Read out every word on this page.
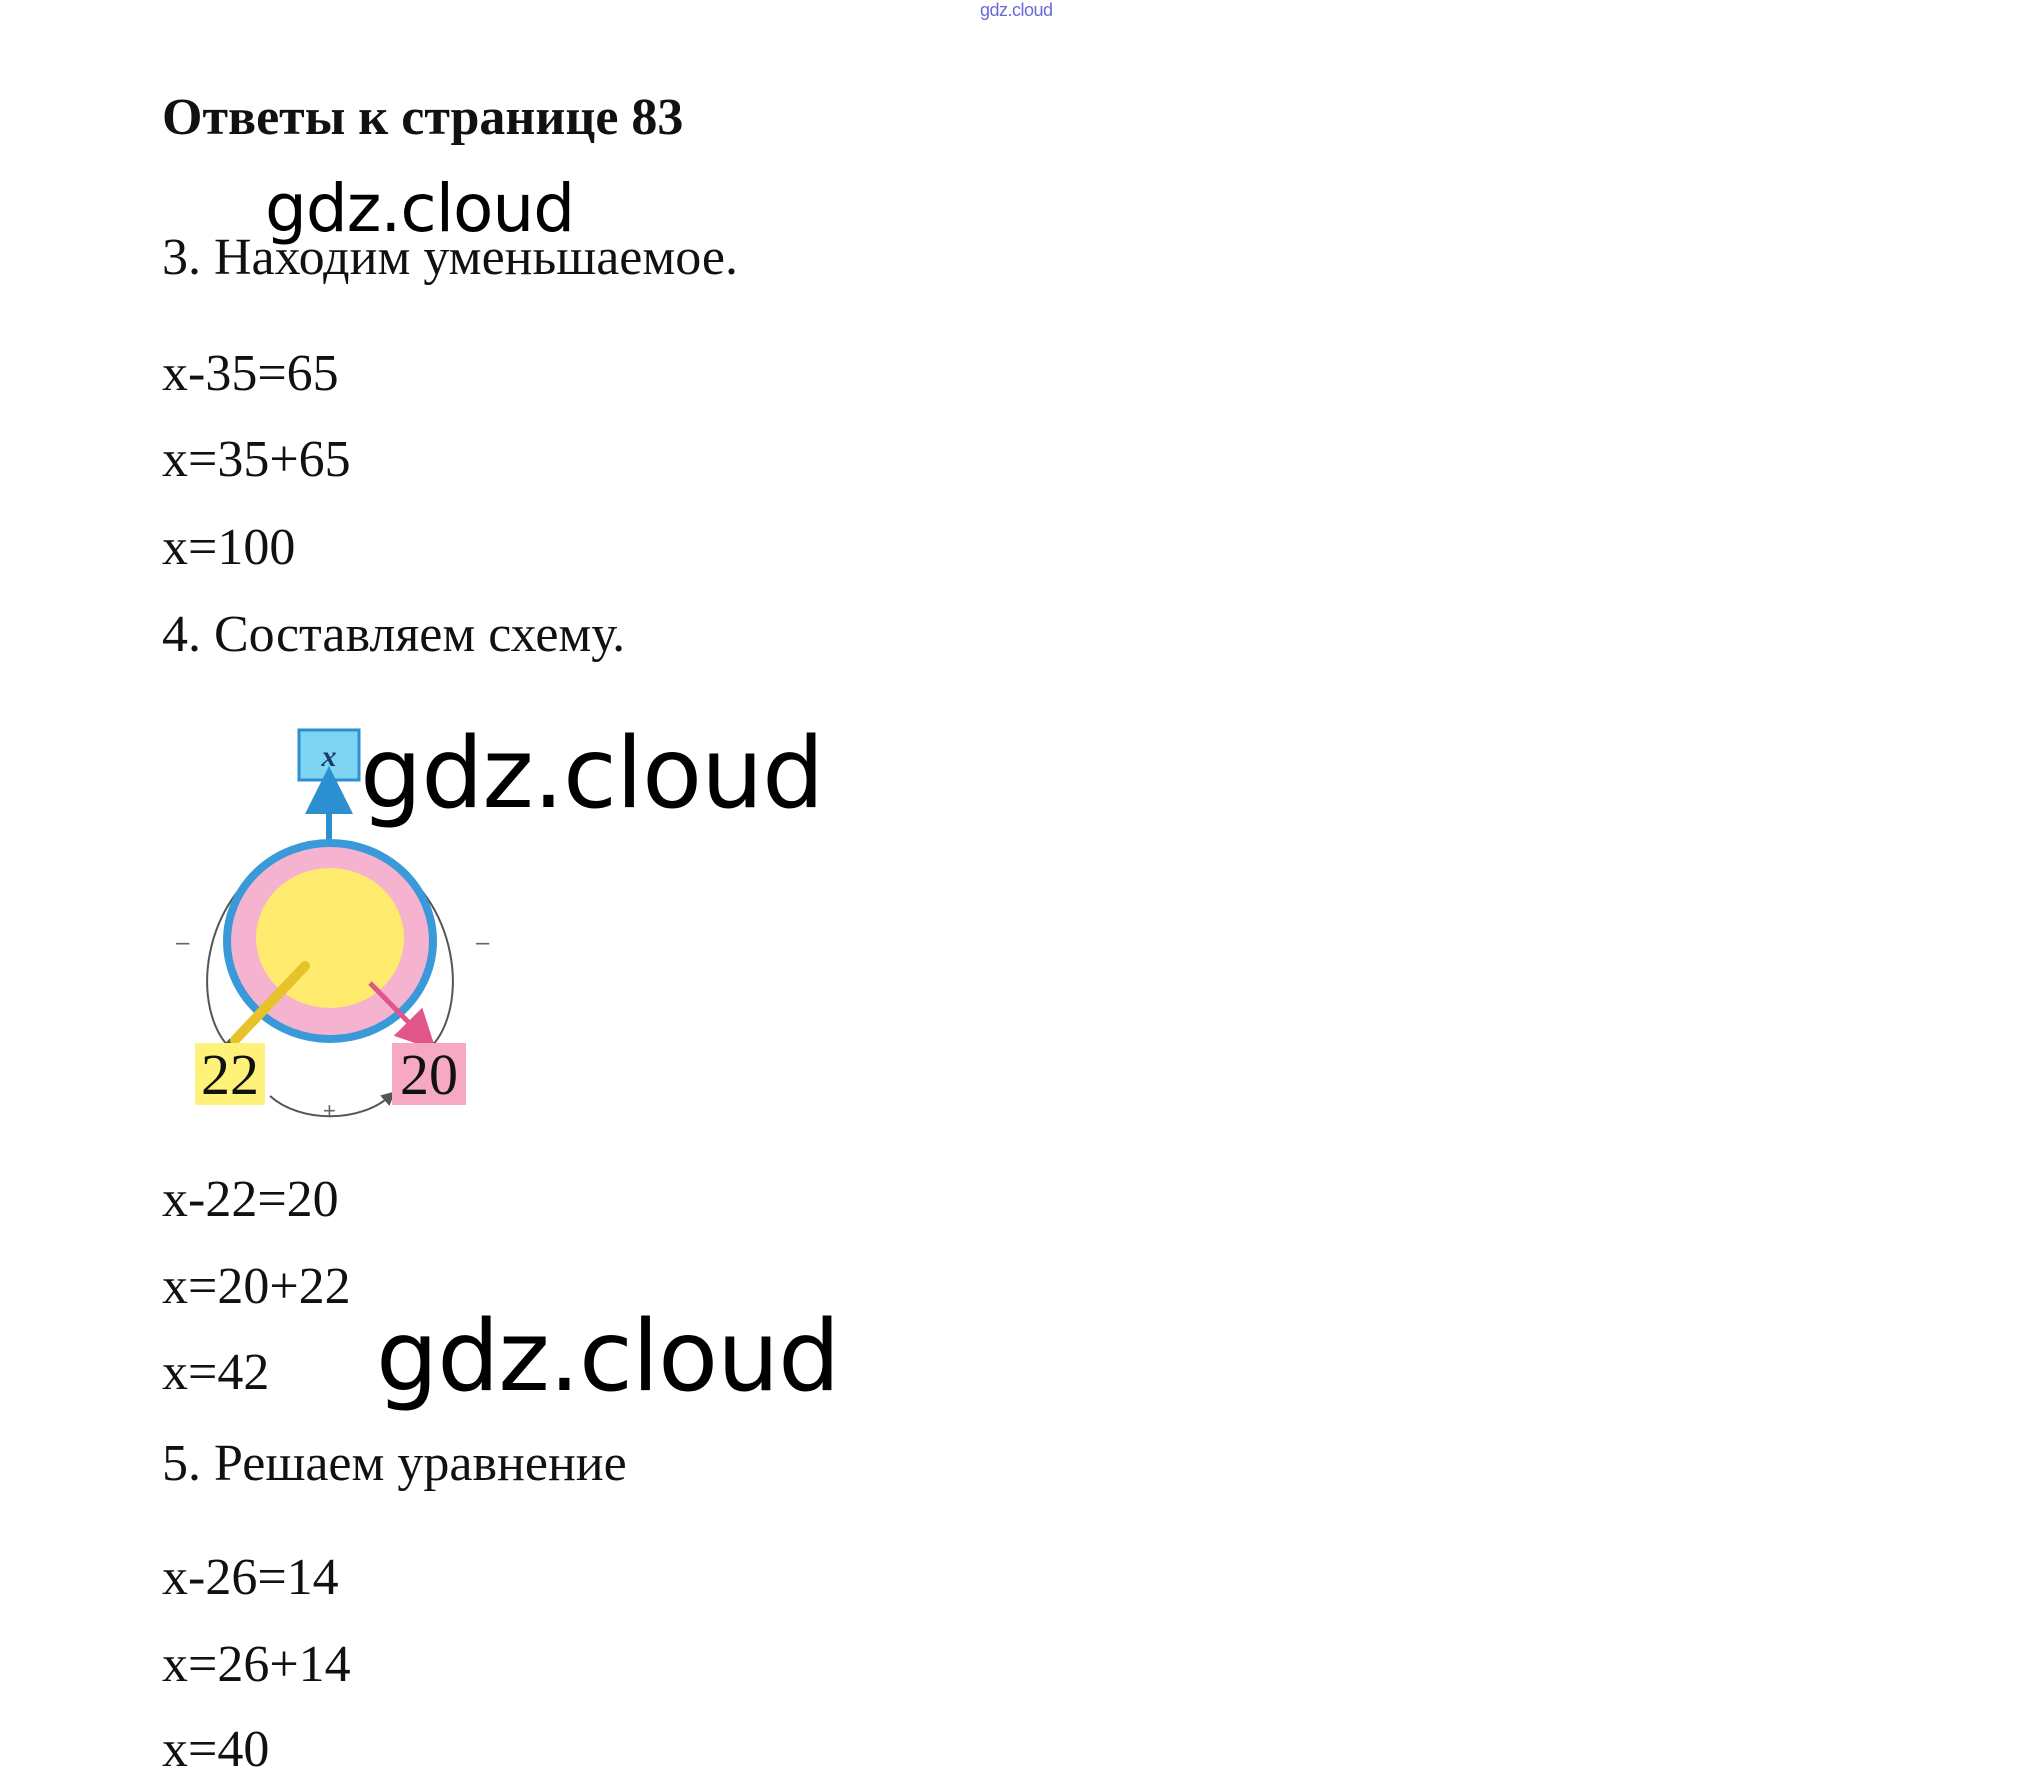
gdz.cloud
Ответы к странице 83
gdz.cloud
3. Находим уменьшаемое.
x-35=65
x=35+65
x=100
4. Составляем схему.
x
–	–
+
22 20
gdz.cloud
x-22=20
x=20+22
x=42 gdz.cloud
5. Решаем уравнение
x-26=14
x=26+14
x=40
